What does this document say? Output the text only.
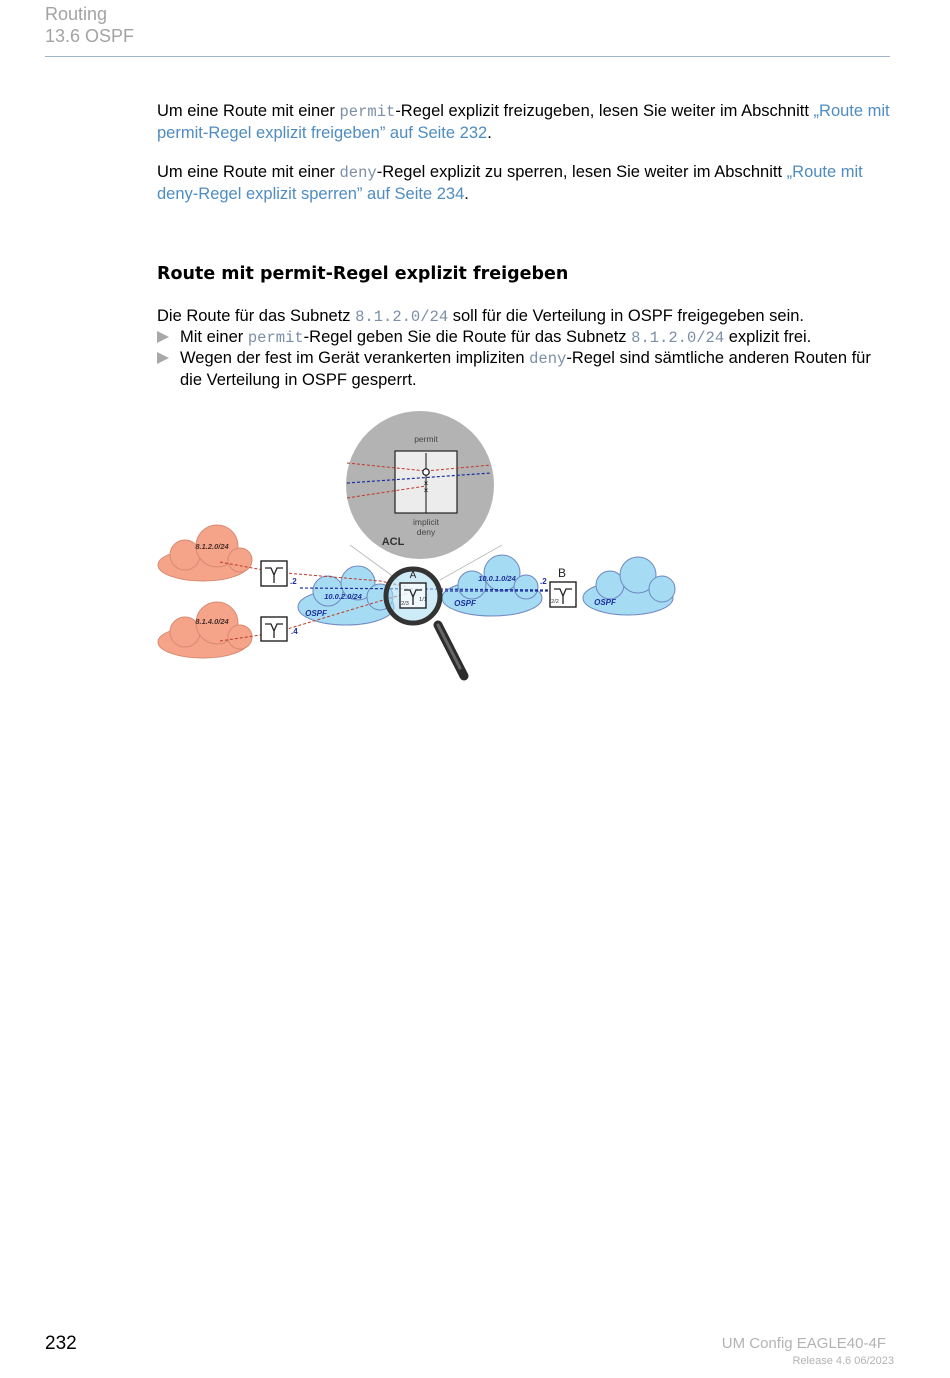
Routing
13.6 OSPF
Um eine Route mit einer permit-Regel explizit freizugeben, lesen Sie weiter im Abschnitt „Route mit permit-Regel explizit freigeben” auf Seite 232.
Um eine Route mit einer deny-Regel explizit zu sperren, lesen Sie weiter im Abschnitt „Route mit deny-Regel explizit sperren” auf Seite 234.
Route mit permit-Regel explizit freigeben
Die Route für das Subnetz 8.1.2.0/24 soll für die Verteilung in OSPF freigegeben sein.
Mit einer permit-Regel geben Sie die Route für das Subnetz 8.1.2.0/24 explizit frei.
Wegen der fest im Gerät verankerten impliziten deny-Regel sind sämtliche anderen Routen für die Verteilung in OSPF gesperrt.
×
×
permit
implicit
deny
ACL
8.1.2.0/24
8.1.4.0/24
10.0.2.0/24
OSPF
10.0.1.0/24
OSPF	OSPF
.2
.4
.2
B
2/2
A
2/3
1/1
232	UM Config EAGLE40-4F
Release 4.6 06/2023
